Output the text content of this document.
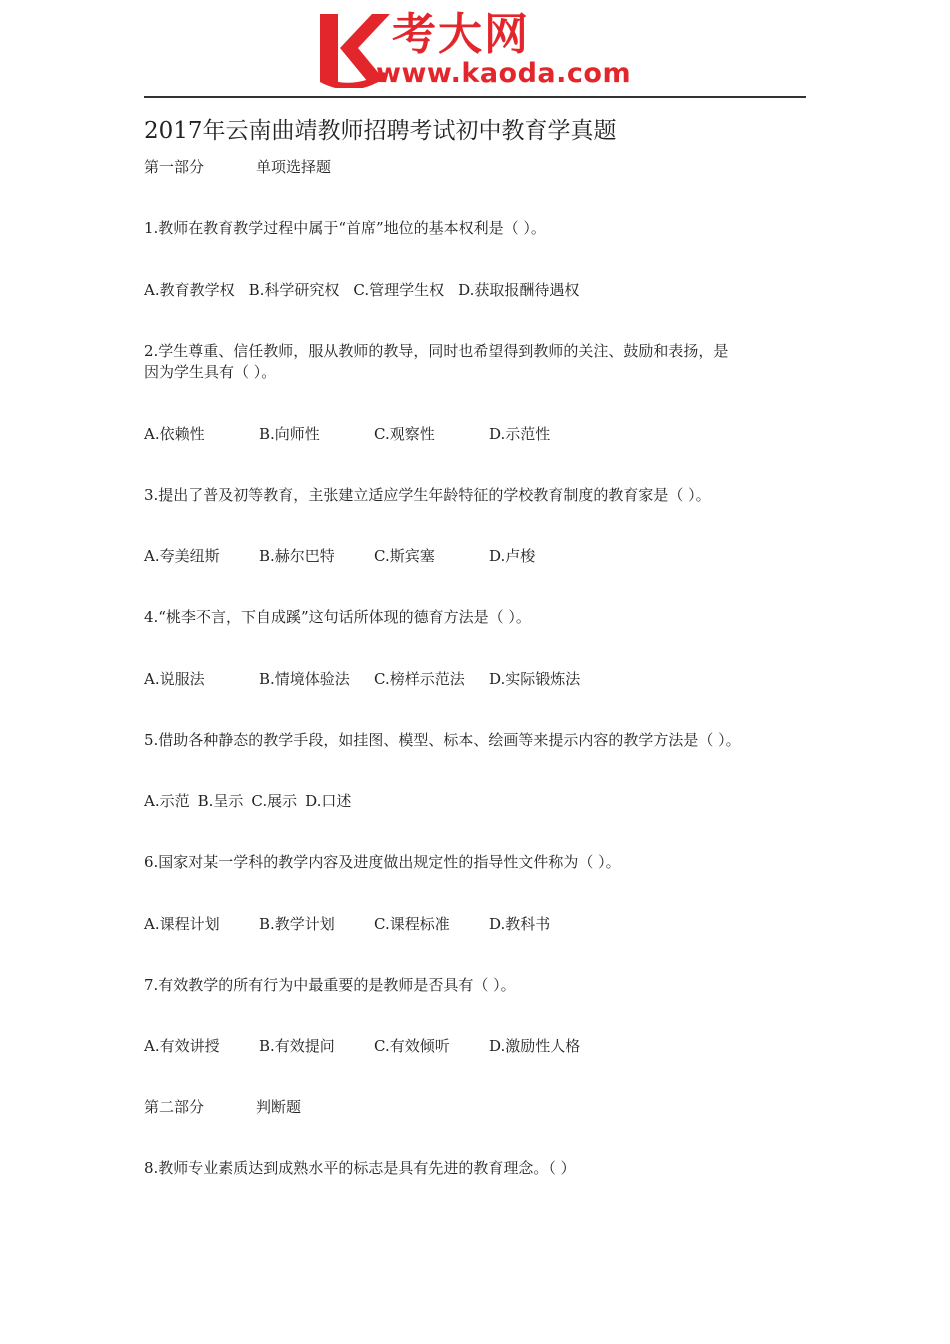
考大网
www.kaoda.com
2017年云南曲靖教师招聘考试初中教育学真题
第一部分	单项选择题
1.教师在教育教学过程中属于“首席”地位的基本权利是（ ）。
A.教育教学权 B.科学研究权 C.管理学生权 D.获取报酬待遇权
2.学生尊重、信任教师，服从教师的教导，同时也希望得到教师的关注、鼓励和表扬，是
因为学生具有（ ）。
A.依赖性	B.向师性	C.观察性	D.示范性
3.提出了普及初等教育，主张建立适应学生年龄特征的学校教育制度的教育家是（ ）。
A.夸美纽斯	B.赫尔巴特	C.斯宾塞	D.卢梭
4.“桃李不言，下自成蹊”这句话所体现的德育方法是（ ）。
A.说服法	B.情境体验法 C.榜样示范法 D.实际锻炼法
5.借助各种静态的教学手段，如挂图、模型、标本、绘画等来提示内容的教学方法是（ ）。
A.示范 B.呈示 C.展示 D.口述
6.国家对某一学科的教学内容及进度做出规定性的指导性文件称为（ ）。
A.课程计划	B.教学计划	C.课程标准	D.教科书
7.有效教学的所有行为中最重要的是教师是否具有（ ）。
A.有效讲授	B.有效提问	C.有效倾听	D.激励性人格
第二部分	判断题
8.教师专业素质达到成熟水平的标志是具有先进的教育理念。（ ）
